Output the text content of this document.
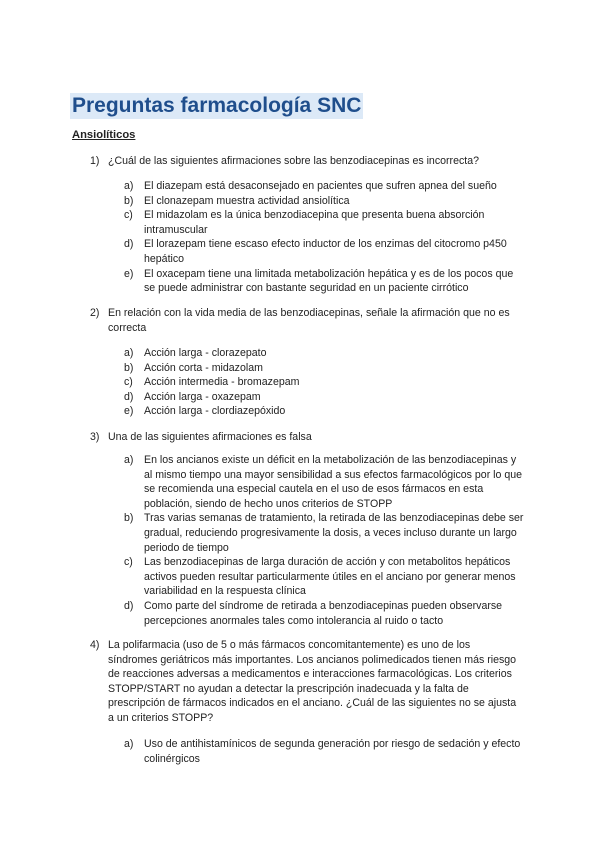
Preguntas farmacología SNC
Ansiolíticos
1) ¿Cuál de las siguientes afirmaciones sobre las benzodiacepinas es incorrecta?
a) El diazepam está desaconsejado en pacientes que sufren apnea del sueño
b) El clonazepam muestra actividad ansiolítica
c) El midazolam es la única benzodiacepina que presenta buena absorción intramuscular
d) El lorazepam tiene escaso efecto inductor de los enzimas del citocromo p450 hepático
e) El oxacepam tiene una limitada metabolización hepática y es de los pocos que se puede administrar con bastante seguridad en un paciente cirrótico
2) En relación con la vida media de las benzodiacepinas, señale la afirmación que no es correcta
a) Acción larga - clorazepato
b) Acción corta - midazolam
c) Acción intermedia - bromazepam
d) Acción larga - oxazepam
e) Acción larga - clordiazepóxido
3) Una de las siguientes afirmaciones es falsa
a) En los ancianos existe un déficit en la metabolización de las benzodiacepinas y al mismo tiempo una mayor sensibilidad a sus efectos farmacológicos por lo que se recomienda una especial cautela en el uso de esos fármacos en esta población, siendo de hecho unos criterios de STOPP
b) Tras varias semanas de tratamiento, la retirada de las benzodiacepinas debe ser gradual, reduciendo progresivamente la dosis, a veces incluso durante un largo periodo de tiempo
c) Las benzodiacepinas de larga duración de acción y con metabolitos hepáticos activos pueden resultar particularmente útiles en el anciano por generar menos variabilidad en la respuesta clínica
d) Como parte del síndrome de retirada a benzodiacepinas pueden observarse percepciones anormales tales como intolerancia al ruido o tacto
4) La polifarmacia (uso de 5 o más fármacos concomitantemente) es uno de los síndromes geriátricos más importantes. Los ancianos polimedicados tienen más riesgo de reacciones adversas a medicamentos e interacciones farmacológicas. Los criterios STOPP/START no ayudan a detectar la prescripción inadecuada y la falta de prescripción de fármacos indicados en el anciano. ¿Cuál de las siguientes no se ajusta a un criterios STOPP?
a) Uso de antihistamínicos de segunda generación por riesgo de sedación y efecto colinérgicos
